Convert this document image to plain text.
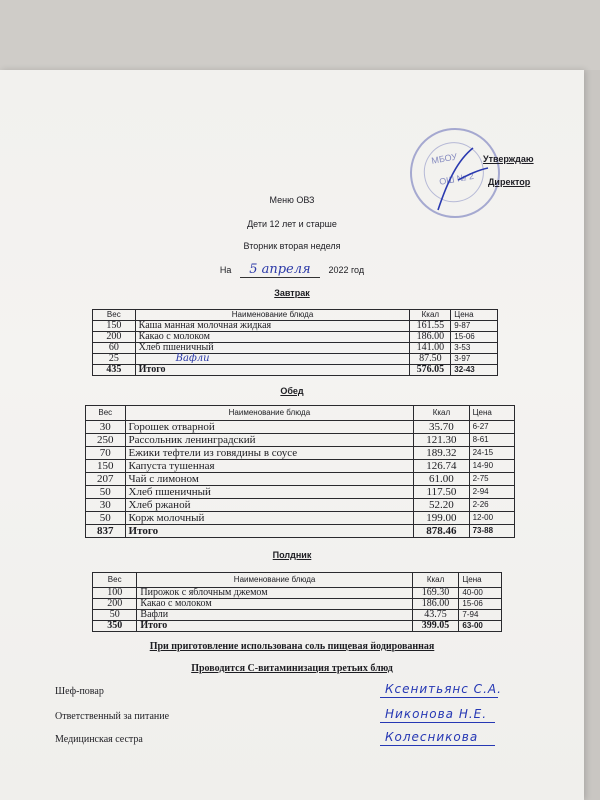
МБОУ
ОШ № 2
Утверждаю
Директор
Меню ОВЗ
Дети 12 лет и старше
Вторник вторая неделя
На 5 апреля 2022 год
Завтрак
Вес	Наименование блюда	Ккал	Цена
150	Каша манная молочная жидкая	161.55	9-87
200	Какао с молоком	186.00	15-06
60	Хлеб пшеничный	141.00	3-53
25	Вафли	87.50	3-97
435	Итого	576.05	32-43
Обед
Вес	Наименование блюда	Ккал	Цена
30	Горошек отварной	35.70	6-27
250	Рассольник ленинградский	121.30	8-61
70	Ежики тефтели из говядины в соусе	189.32	24-15
150	Капуста тушенная	126.74	14-90
207	Чай с лимоном	61.00	2-75
50	Хлеб пшеничный	117.50	2-94
30	Хлеб ржаной	52.20	2-26
50	Корж молочный	199.00	12-00
837	Итого	878.46	73-88
Полдник
Вес	Наименование блюда	Ккал	Цена
100	Пирожок с яблочным джемом	169.30	40-00
200	Какао с молоком	186.00	15-06
50	Вафли	43.75	7-94
350	Итого	399.05	63-00
При приготовление использована соль пищевая йодированная
Проводится С-витаминизация третьих блюд
Шеф-повар	Ксенитьянс С.А.
Ответственный за питание	Никонова Н.Е.
Медицинская сестра	Колесникова
